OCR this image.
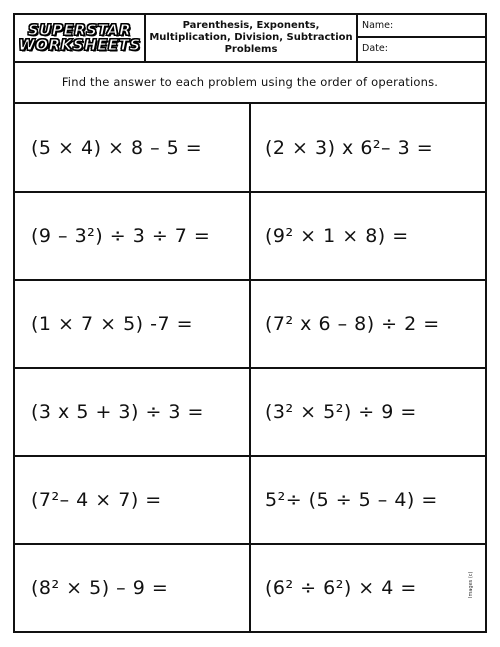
SUPERSTAR
WORKSHEETS
Parenthesis, Exponents, Multiplication, Division, Subtraction Problems
Name:
Date:
Find the answer to each problem using the order of operations.
(5 × 4) × 8 – 5 =	(2 × 3) x 6²– 3 =
(9 – 3²) ÷ 3 ÷ 7 =	(9² × 1 × 8) =
(1 × 7 × 5) -7 =	(7² x 6 – 8) ÷ 2 =
(3 x 5 + 3) ÷ 3 =	(3² × 5²) ÷ 9 =
(7²– 4 × 7) =	5²÷ (5 ÷ 5 – 4) =
(8² × 5) – 9 =	(6² ÷ 6²) × 4 =	Images (c)
